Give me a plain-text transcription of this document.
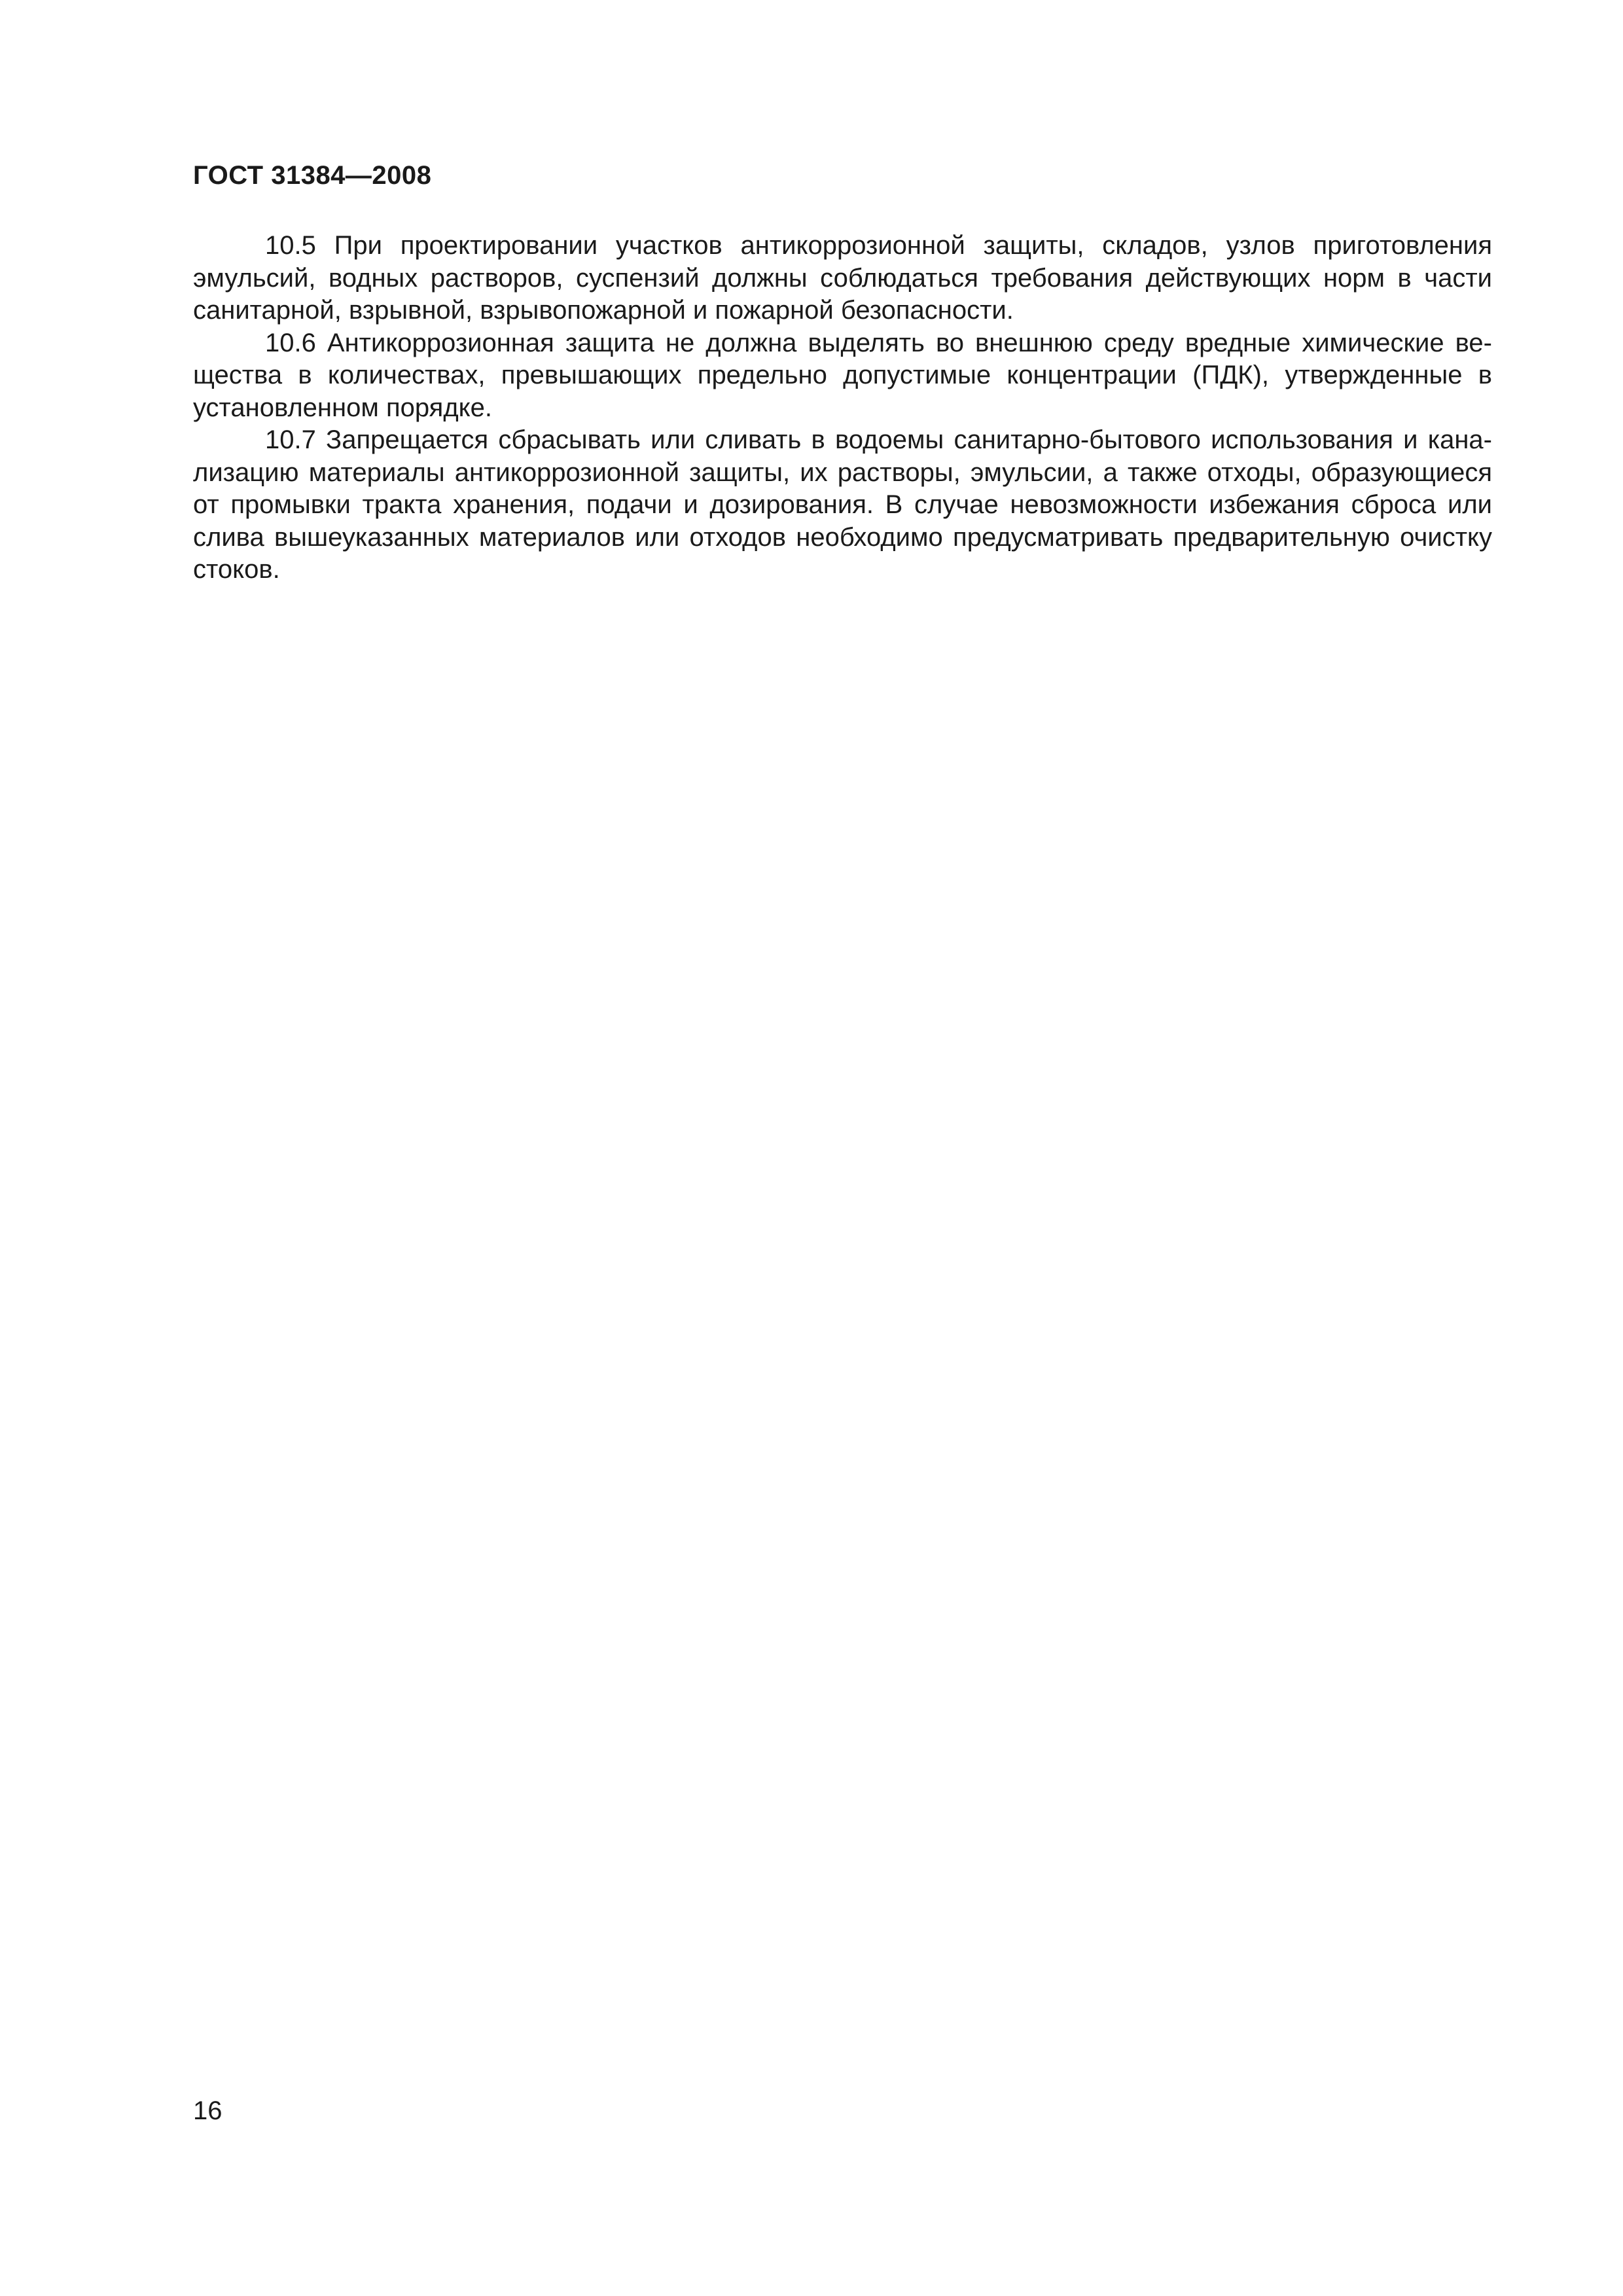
ГОСТ 31384—2008

10.5 При проектировании участков антикоррозионной защиты, складов, узлов приготовления эмульсий, водных растворов, суспензий должны соблюдаться требования действующих норм в части санитарной, взрывной, взрывопожарной и пожарной безопасности.

10.6 Антикоррозионная защита не должна выделять во внешнюю среду вредные химические вещества в количествах, превышающих предельно допустимые концентрации (ПДК), утвержденные в установленном порядке.

10.7 Запрещается сбрасывать или сливать в водоемы санитарно-бытового использования и канализацию материалы антикоррозионной защиты, их растворы, эмульсии, а также отходы, образующиеся от промывки тракта хранения, подачи и дозирования. В случае невозможности избежания сброса или слива вышеуказанных материалов или отходов необходимо предусматривать предварительную очистку стоков.

16
